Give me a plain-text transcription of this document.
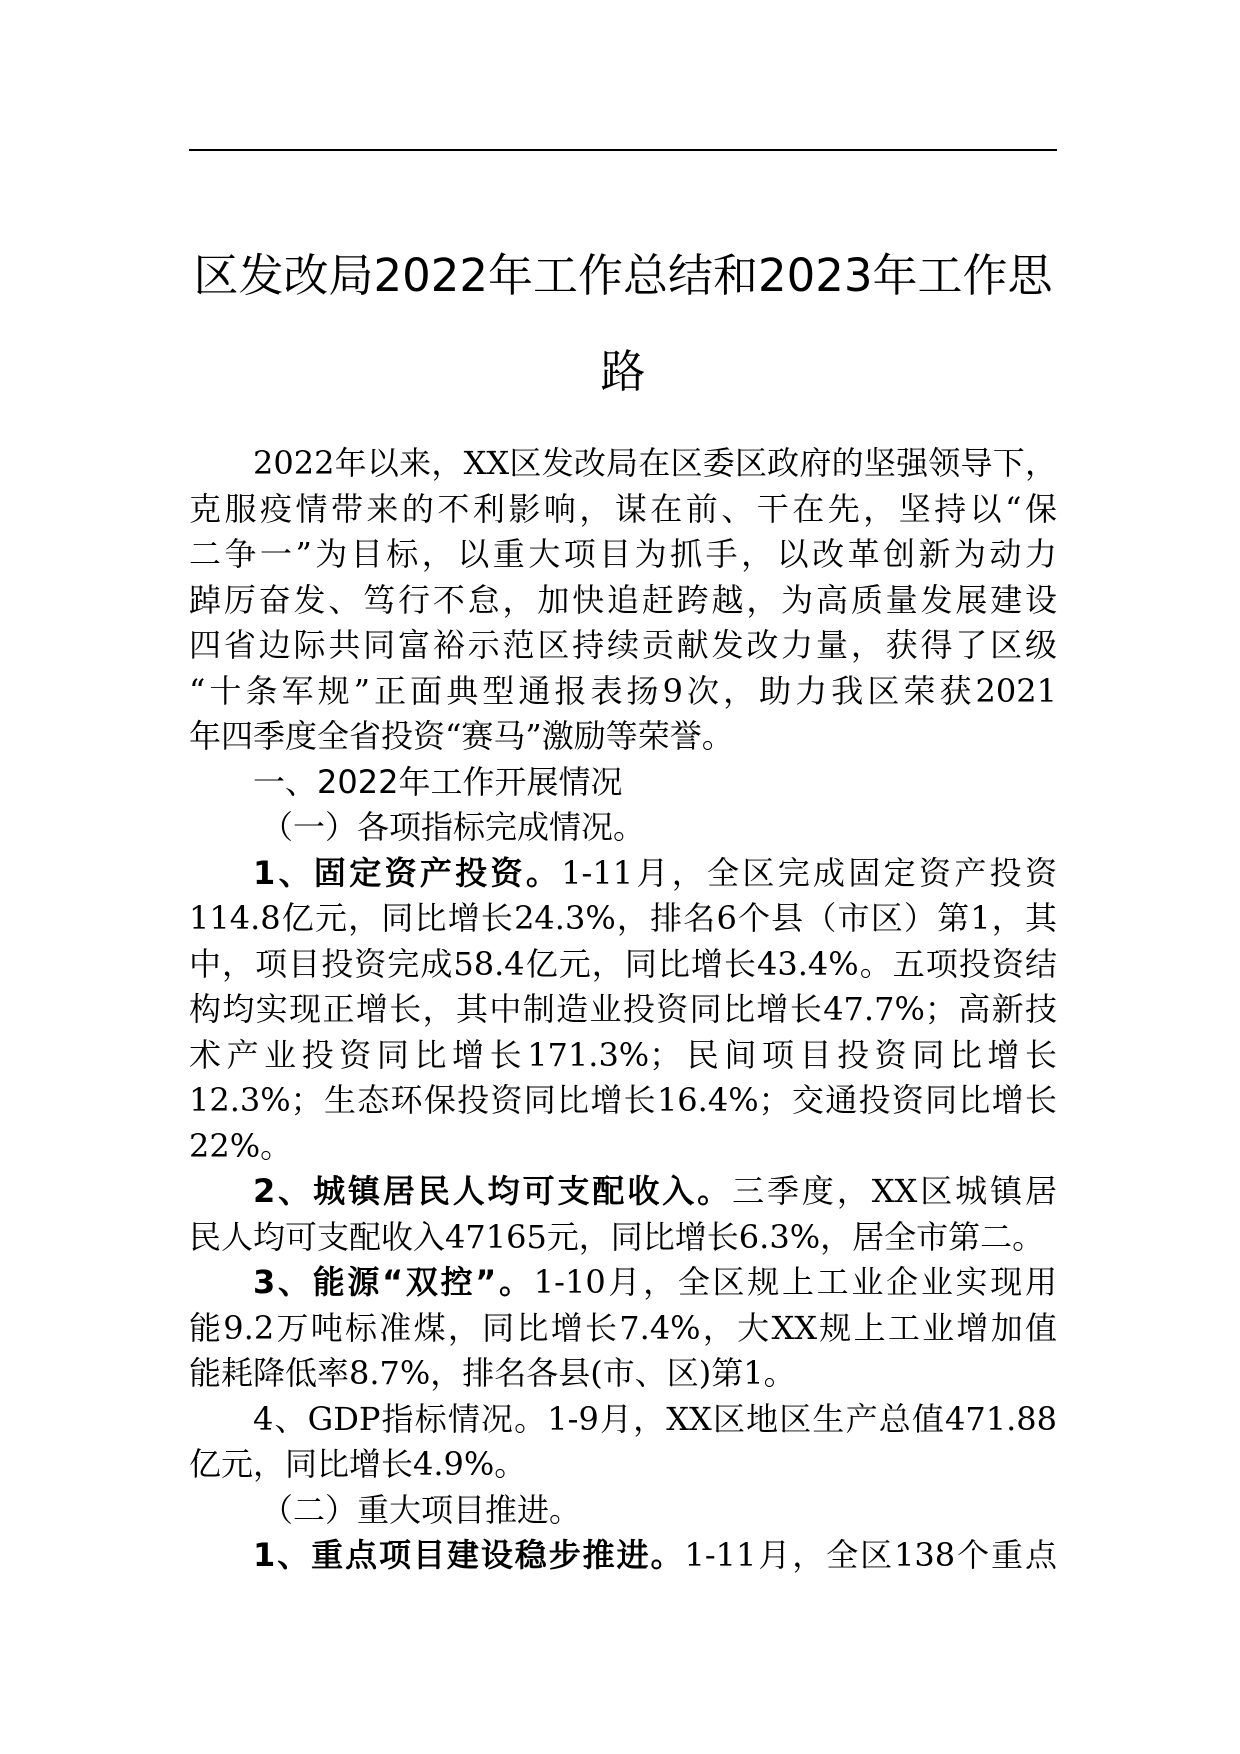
区发改局2022年工作总结和2023年工作思
路
2022年以来，XX区发改局在区委区政府的坚强领导下，
克服疫情带来的不利影响，谋在前、干在先，坚持以“保
二争一”为目标，以重大项目为抓手，以改革创新为动力
踔厉奋发、笃行不怠，加快追赶跨越，为高质量发展建设
四省边际共同富裕示范区持续贡献发改力量，获得了区级
“十条军规”正面典型通报表扬9次，助力我区荣获2021
年四季度全省投资“赛马”激励等荣誉。
一、2022年工作开展情况
（一）各项指标完成情况。
1、固定资产投资。1-11月，全区完成固定资产投资
114.8亿元，同比增长24.3%，排名6个县（市区）第1，其
中，项目投资完成58.4亿元，同比增长43.4%。五项投资结
构均实现正增长，其中制造业投资同比增长47.7%；高新技
术产业投资同比增长171.3%；民间项目投资同比增长
12.3%；生态环保投资同比增长16.4%；交通投资同比增长
22%。
2、城镇居民人均可支配收入。三季度，XX区城镇居
民人均可支配收入47165元，同比增长6.3%，居全市第二。
3、能源“双控”。1-10月，全区规上工业企业实现用
能9.2万吨标准煤，同比增长7.4%，大XX规上工业增加值
能耗降低率8.7%，排名各县(市、区)第1。
4、GDP指标情况。1-9月，XX区地区生产总值471.88
亿元，同比增长4.9%。
（二）重大项目推进。
1、重点项目建设稳步推进。1-11月，全区138个重点
